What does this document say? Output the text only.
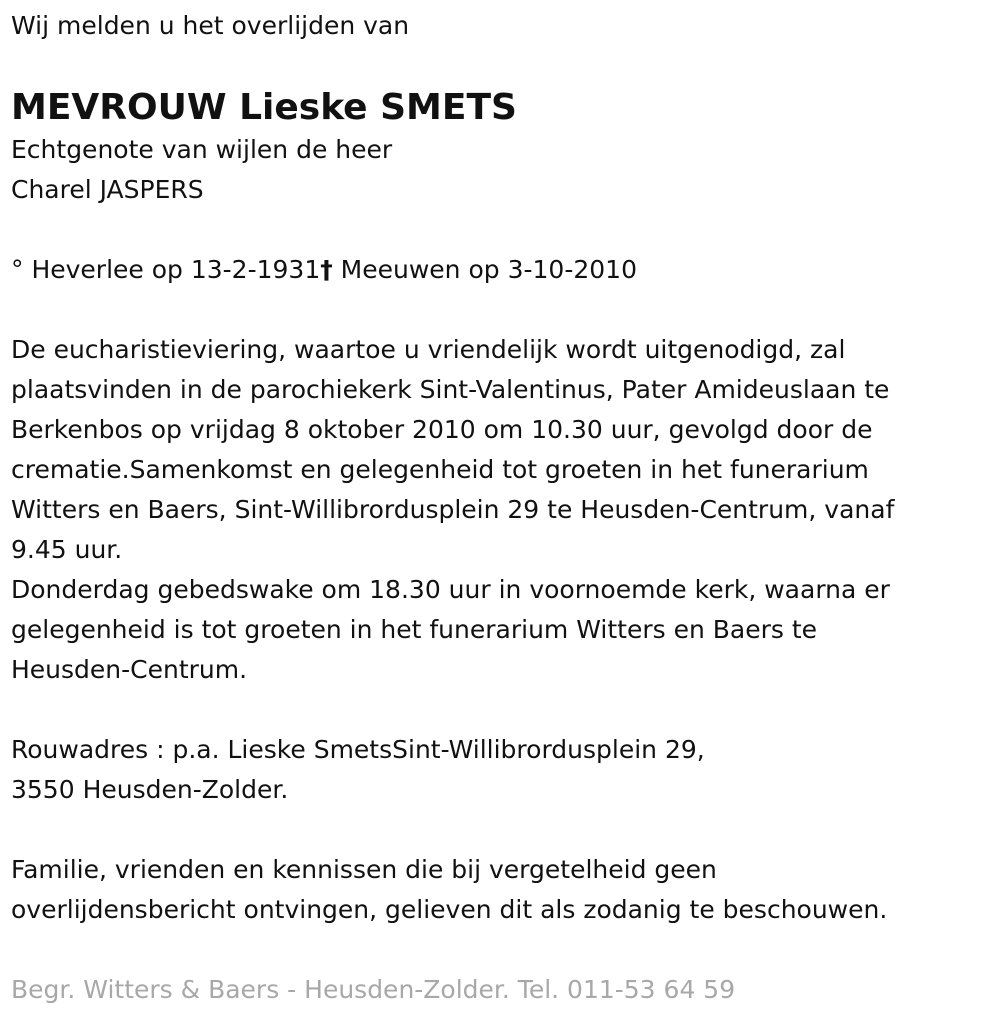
Wij melden u het overlijden van

MEVROUW Lieske SMETS

Echtgenote van wijlen de heer

Charel JASPERS

° Heverlee op 13-2-1931† Meeuwen op 3-10-2010

De eucharistieviering, waartoe u vriendelijk wordt uitgenodigd, zal

plaatsvinden in de parochiekerk Sint-Valentinus, Pater Amideuslaan te

Berkenbos op vrijdag 8 oktober 2010 om 10.30 uur, gevolgd door de

crematie.Samenkomst en gelegenheid tot groeten in het funerarium

Witters en Baers, Sint-Willibrordusplein 29 te Heusden-Centrum, vanaf

9.45 uur.

Donderdag gebedswake om 18.30 uur in voornoemde kerk, waarna er

gelegenheid is tot groeten in het funerarium Witters en Baers te

Heusden-Centrum.

Rouwadres : p.a. Lieske SmetsSint-Willibrordusplein 29,

3550 Heusden-Zolder.

Familie, vrienden en kennissen die bij vergetelheid geen

overlijdensbericht ontvingen, gelieven dit als zodanig te beschouwen.

Begr. Witters & Baers - Heusden-Zolder. Tel. 011-53 64 59
